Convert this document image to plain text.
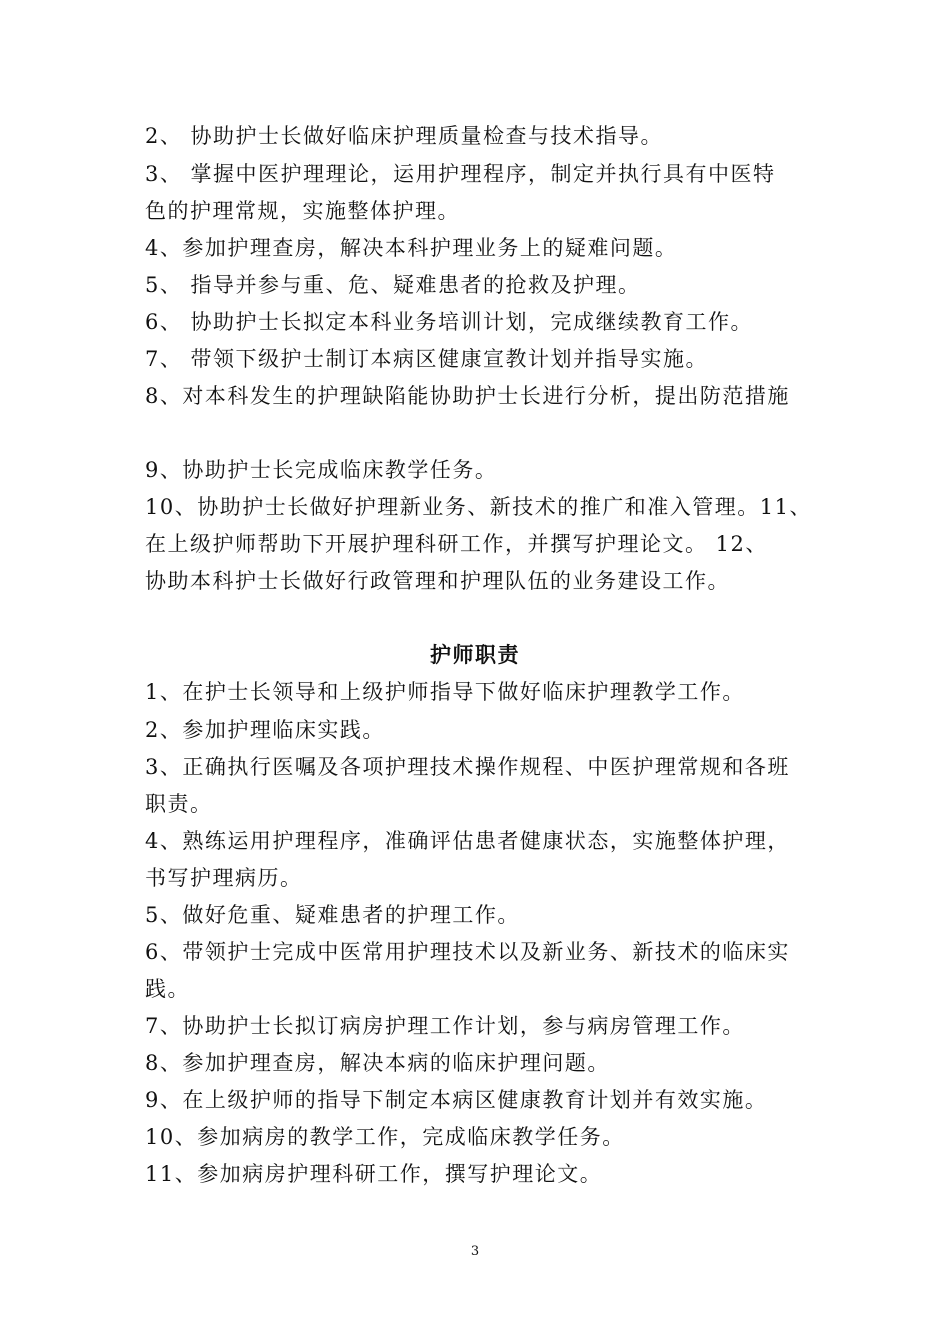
2、 协助护士长做好临床护理质量检查与技术指导。
3、 掌握中医护理理论，运用护理程序，制定并执行具有中医特
色的护理常规，实施整体护理。
4、参加护理查房，解决本科护理业务上的疑难问题。
5、 指导并参与重、危、疑难患者的抢救及护理。
6、 协助护士长拟定本科业务培训计划，完成继续教育工作。
7、 带领下级护士制订本病区健康宣教计划并指导实施。
8、对本科发生的护理缺陷能协助护士长进行分析，提出防范措施
9、协助护士长完成临床教学任务。
10、协助护士长做好护理新业务、新技术的推广和准入管理。11、
在上级护师帮助下开展护理科研工作，并撰写护理论文。 12、
协助本科护士长做好行政管理和护理队伍的业务建设工作。
护师职责
1、在护士长领导和上级护师指导下做好临床护理教学工作。
2、参加护理临床实践。
3、正确执行医嘱及各项护理技术操作规程、中医护理常规和各班
职责。
4、熟练运用护理程序，准确评估患者健康状态，实施整体护理，
书写护理病历。
5、做好危重、疑难患者的护理工作。
6、带领护士完成中医常用护理技术以及新业务、新技术的临床实
践。
7、协助护士长拟订病房护理工作计划，参与病房管理工作。
8、参加护理查房，解决本病的临床护理问题。
9、在上级护师的指导下制定本病区健康教育计划并有效实施。
10、参加病房的教学工作，完成临床教学任务。
11、参加病房护理科研工作，撰写护理论文。
3
